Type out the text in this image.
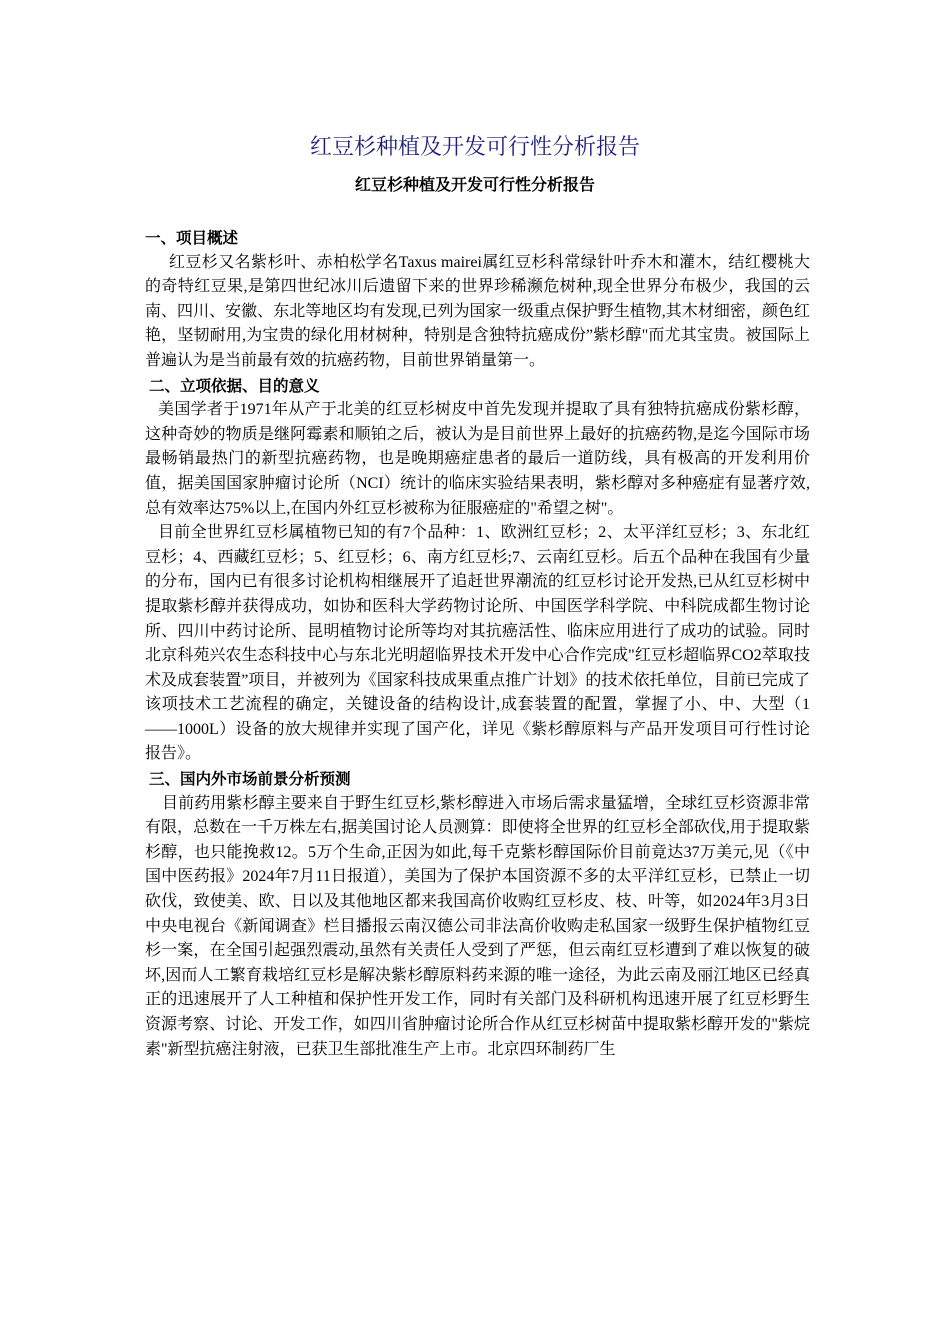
红豆杉种植及开发可行性分析报告
红豆杉种植及开发可行性分析报告

一、项目概述

红豆杉又名紫杉叶、赤柏松学名Taxus mairei属红豆杉科常绿针叶乔木和灌木，结红樱桃大的奇特红豆果,是第四世纪冰川后遗留下来的世界珍稀濒危树种,现全世界分布极少，我国的云南、四川、安徽、东北等地区均有发现,已列为国家一级重点保护野生植物,其木材细密，颜色红艳，坚韧耐用,为宝贵的绿化用材树种，特别是含独特抗癌成份”紫杉醇"而尤其宝贵。被国际上普遍认为是当前最有效的抗癌药物，目前世界销量第一。

二、立项依据、目的意义

美国学者于1971年从产于北美的红豆杉树皮中首先发现并提取了具有独特抗癌成份紫杉醇，这种奇妙的物质是继阿霉素和顺铂之后，被认为是目前世界上最好的抗癌药物,是迄今国际市场最畅销最热门的新型抗癌药物，也是晚期癌症患者的最后一道防线，具有极高的开发利用价值，据美国国家肿瘤讨论所（NCI）统计的临床实验结果表明，紫杉醇对多种癌症有显著疗效,总有效率达75%以上,在国内外红豆杉被称为征服癌症的"希望之树"。

目前全世界红豆杉属植物已知的有7个品种：1、欧洲红豆杉；2、太平洋红豆杉；3、东北红豆杉；4、西藏红豆杉；5、红豆杉；6、南方红豆杉;7、云南红豆杉。后五个品种在我国有少量的分布，国内已有很多讨论机构相继展开了追赶世界潮流的红豆杉讨论开发热,已从红豆杉树中提取紫杉醇并获得成功，如协和医科大学药物讨论所、中国医学科学院、中科院成都生物讨论所、四川中药讨论所、昆明植物讨论所等均对其抗癌活性、临床应用进行了成功的试验。同时北京科苑兴农生态科技中心与东北光明超临界技术开发中心合作完成"红豆杉超临界CO2萃取技术及成套装置”项目，并被列为《国家科技成果重点推广计划》的技术依托单位，目前已完成了该项技术工艺流程的确定，关键设备的结构设计,成套装置的配置，掌握了小、中、大型（1——1000L）设备的放大规律并实现了国产化，详见《紫杉醇原料与产品开发项目可行性讨论报告》。

三、国内外市场前景分析预测

目前药用紫杉醇主要来自于野生红豆杉,紫杉醇进入市场后需求量猛增，全球红豆杉资源非常有限，总数在一千万株左右,据美国讨论人员测算：即使将全世界的红豆杉全部砍伐,用于提取紫杉醇，也只能挽救12。5万个生命,正因为如此,每千克紫杉醇国际价目前竟达37万美元,见（《中国中医药报》2024年7月11日报道），美国为了保护本国资源不多的太平洋红豆杉，已禁止一切砍伐，致使美、欧、日以及其他地区都来我国高价收购红豆杉皮、枝、叶等，如2024年3月3日中央电视台《新闻调查》栏目播报云南汉德公司非法高价收购走私国家一级野生保护植物红豆杉一案，在全国引起强烈震动,虽然有关责任人受到了严惩，但云南红豆杉遭到了难以恢复的破坏,因而人工繁育栽培红豆杉是解决紫杉醇原料药来源的唯一途径，为此云南及丽江地区已经真正的迅速展开了人工种植和保护性开发工作，同时有关部门及科研机构迅速开展了红豆杉野生资源考察、讨论、开发工作，如四川省肿瘤讨论所合作从红豆杉树苗中提取紫杉醇开发的"紫烷素"新型抗癌注射液，已获卫生部批准生产上市。北京四环制药厂生
